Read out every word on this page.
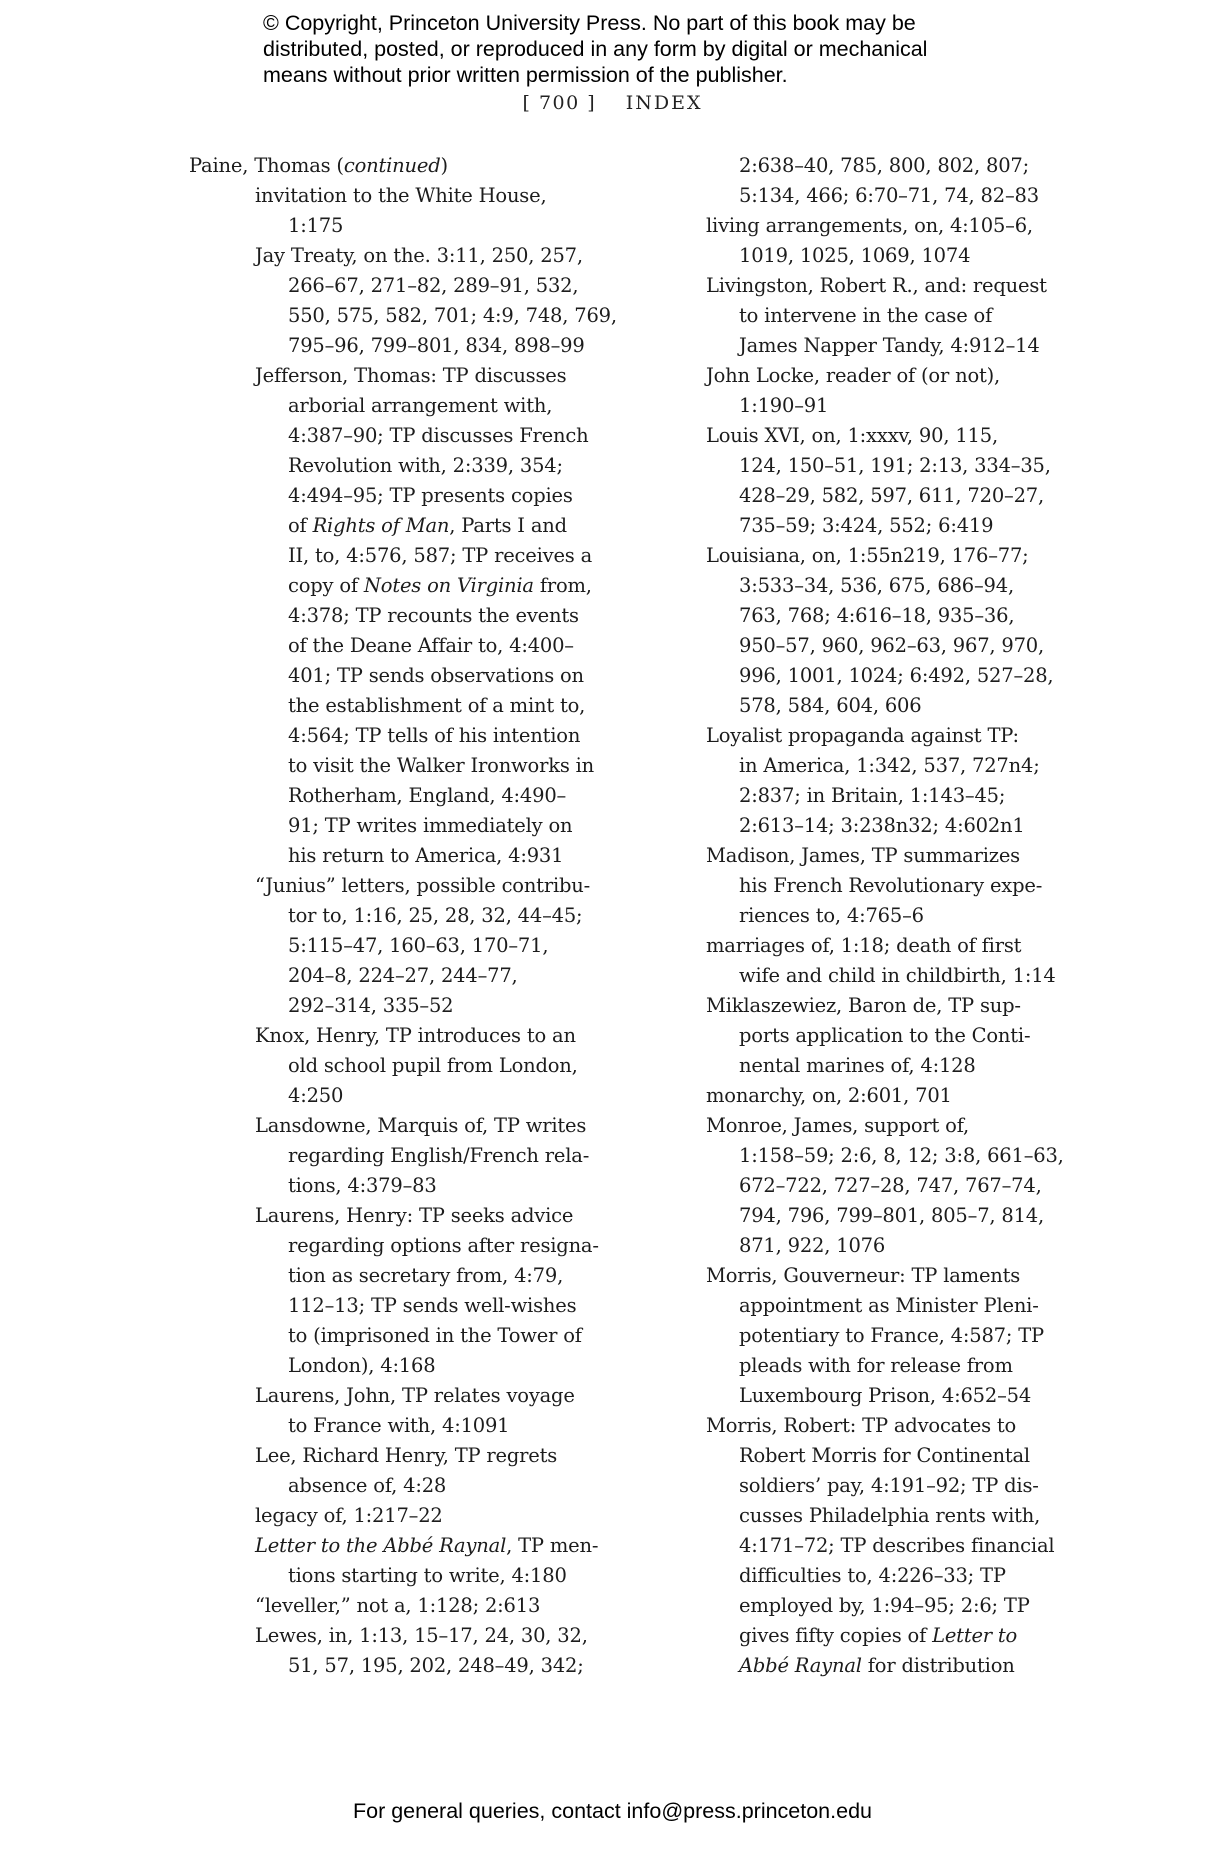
© Copyright, Princeton University Press. No part of this book may be
distributed, posted, or reproduced in any form by digital or mechanical
means without prior written permission of the publisher.
[ 700 ] INDEX
Paine, Thomas (continued)
invitation to the White House,
1:175
Jay Treaty, on the. 3:11, 250, 257,
266–67, 271–82, 289–91, 532,
550, 575, 582, 701; 4:9, 748, 769,
795–96, 799–801, 834, 898–99
Jefferson, Thomas: TP discusses
arborial arrangement with,
4:387–90; TP discusses French
Revolution with, 2:339, 354;
4:494–95; TP presents copies
of Rights of Man, Parts I and
II, to, 4:576, 587; TP receives a
copy of Notes on Virginia from,
4:378; TP recounts the events
of the Deane Affair to, 4:400–
401; TP sends observations on
the establishment of a mint to,
4:564; TP tells of his intention
to visit the Walker Ironworks in
Rotherham, England, 4:490–
91; TP writes immediately on
his return to America, 4:931
“Junius” letters, possible contribu-
tor to, 1:16, 25, 28, 32, 44–45;
5:115–47, 160–63, 170–71,
204–8, 224–27, 244–77,
292–314, 335–52
Knox, Henry, TP introduces to an
old school pupil from London,
4:250
Lansdowne, Marquis of, TP writes
regarding English/French rela-
tions, 4:379–83
Laurens, Henry: TP seeks advice
regarding options after resigna-
tion as secretary from, 4:79,
112–13; TP sends well-wishes
to (imprisoned in the Tower of
London), 4:168
Laurens, John, TP relates voyage
to France with, 4:1091
Lee, Richard Henry, TP regrets
absence of, 4:28
legacy of, 1:217–22
Letter to the Abbé Raynal, TP men-
tions starting to write, 4:180
“leveller,” not a, 1:128; 2:613
Lewes, in, 1:13, 15–17, 24, 30, 32,
51, 57, 195, 202, 248–49, 342;
2:638–40, 785, 800, 802, 807;
5:134, 466; 6:70–71, 74, 82–83
living arrangements, on, 4:105–6,
1019, 1025, 1069, 1074
Livingston, Robert R., and: request
to intervene in the case of
James Napper Tandy, 4:912–14
John Locke, reader of (or not),
1:190–91
Louis XVI, on, 1:xxxv, 90, 115,
124, 150–51, 191; 2:13, 334–35,
428–29, 582, 597, 611, 720–27,
735–59; 3:424, 552; 6:419
Louisiana, on, 1:55n219, 176–77;
3:533–34, 536, 675, 686–94,
763, 768; 4:616–18, 935–36,
950–57, 960, 962–63, 967, 970,
996, 1001, 1024; 6:492, 527–28,
578, 584, 604, 606
Loyalist propaganda against TP:
in America, 1:342, 537, 727n4;
2:837; in Britain, 1:143–45;
2:613–14; 3:238n32; 4:602n1
Madison, James, TP summarizes
his French Revolutionary expe-
riences to, 4:765–6
marriages of, 1:18; death of first
wife and child in childbirth, 1:14
Miklaszewiez, Baron de, TP sup-
ports application to the Conti-
nental marines of, 4:128
monarchy, on, 2:601, 701
Monroe, James, support of,
1:158–59; 2:6, 8, 12; 3:8, 661–63,
672–722, 727–28, 747, 767–74,
794, 796, 799–801, 805–7, 814,
871, 922, 1076
Morris, Gouverneur: TP laments
appointment as Minister Pleni-
potentiary to France, 4:587; TP
pleads with for release from
Luxembourg Prison, 4:652–54
Morris, Robert: TP advocates to
Robert Morris for Continental
soldiers’ pay, 4:191–92; TP dis-
cusses Philadelphia rents with,
4:171–72; TP describes financial
difficulties to, 4:226–33; TP
employed by, 1:94–95; 2:6; TP
gives fifty copies of Letter to
Abbé Raynal for distribution
For general queries, contact info@press.princeton.edu
